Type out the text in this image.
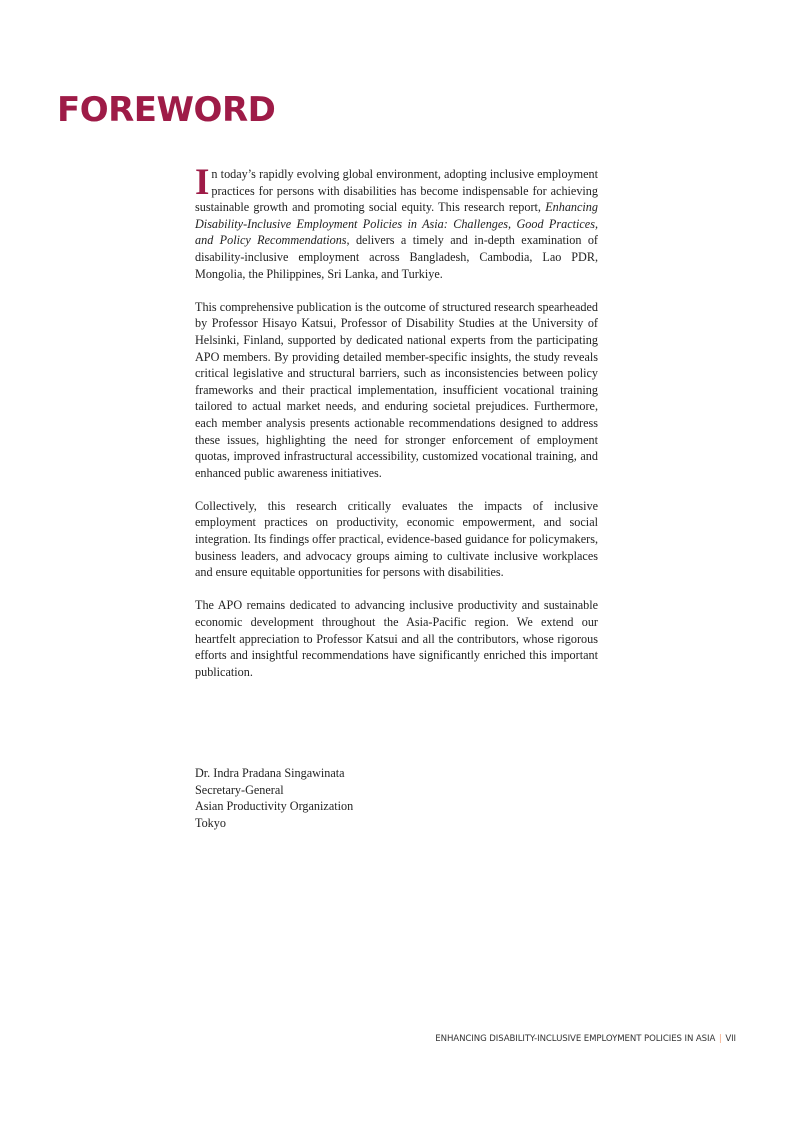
FOREWORD

In today’s rapidly evolving global environment, adopting inclusive employment practices for persons with disabilities has become indispensable for achieving sustainable growth and promoting social equity. This research report, Enhancing Disability-Inclusive Employment Policies in Asia: Challenges, Good Practices, and Policy Recommendations, delivers a timely and in-depth examination of disability-inclusive employment across Bangladesh, Cambodia, Lao PDR, Mongolia, the Philippines, Sri Lanka, and Turkiye.

This comprehensive publication is the outcome of structured research spearheaded by Professor Hisayo Katsui, Professor of Disability Studies at the University of Helsinki, Finland, supported by dedicated national experts from the participating APO members. By providing detailed member-specific insights, the study reveals critical legislative and structural barriers, such as inconsistencies between policy frameworks and their practical implementation, insufficient vocational training tailored to actual market needs, and enduring societal prejudices. Furthermore, each member analysis presents actionable recommendations designed to address these issues, highlighting the need for stronger enforcement of employment quotas, improved infrastructural accessibility, customized vocational training, and enhanced public awareness initiatives.

Collectively, this research critically evaluates the impacts of inclusive employment practices on productivity, economic empowerment, and social integration. Its findings offer practical, evidence-based guidance for policymakers, business leaders, and advocacy groups aiming to cultivate inclusive workplaces and ensure equitable opportunities for persons with disabilities.

The APO remains dedicated to advancing inclusive productivity and sustainable economic development throughout the Asia-Pacific region. We extend our heartfelt appreciation to Professor Katsui and all the contributors, whose rigorous efforts and insightful recommendations have significantly enriched this important publication.

Dr. Indra Pradana Singawinata
Secretary-General
Asian Productivity Organization
Tokyo
ENHANCING DISABILITY-INCLUSIVE EMPLOYMENT POLICIES IN ASIA | VII
